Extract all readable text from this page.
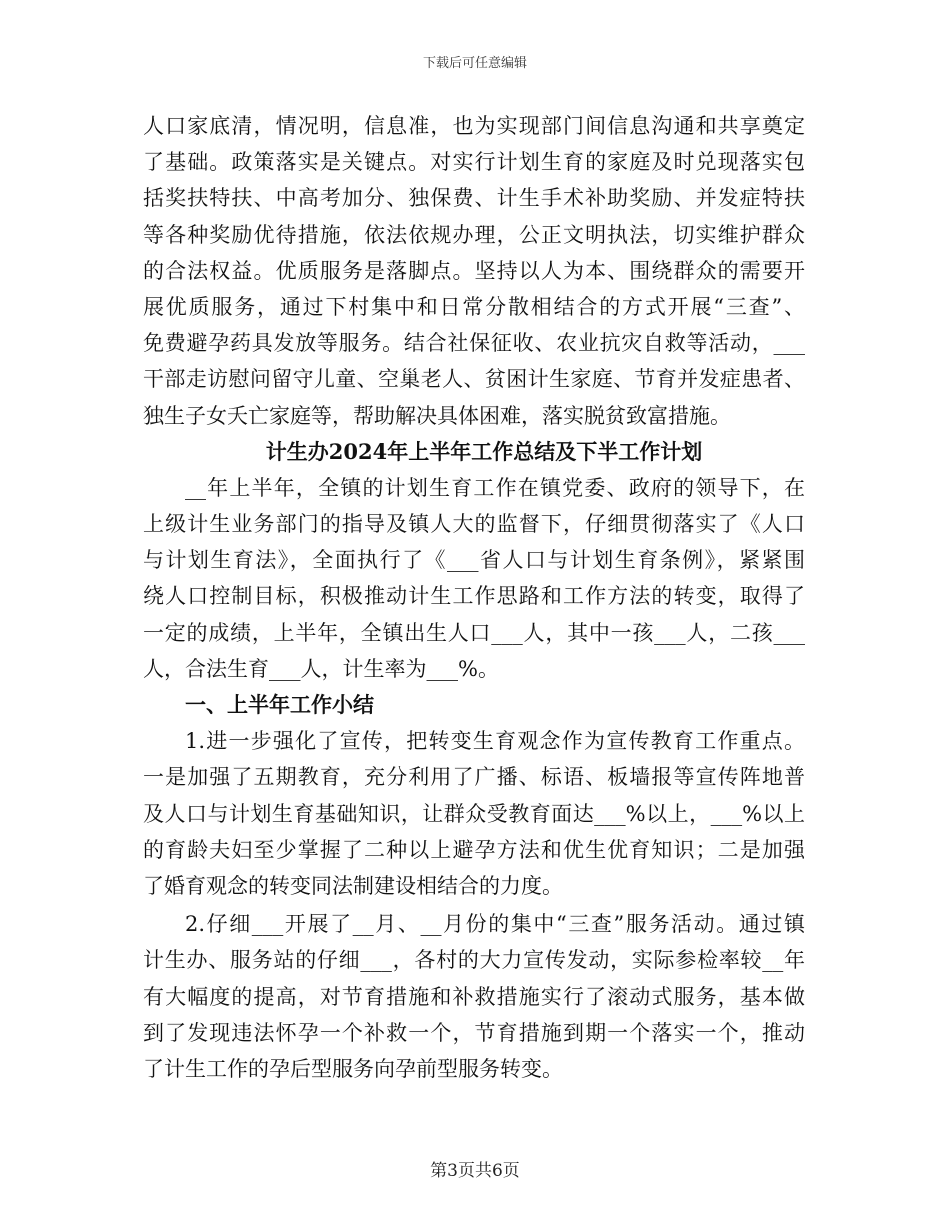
下载后可任意编辑
人口家底清，情况明，信息准，也为实现部门间信息沟通和共享奠定
了基础。政策落实是关键点。对实行计划生育的家庭及时兑现落实包
括奖扶特扶、中高考加分、独保费、计生手术补助奖励、并发症特扶
等各种奖励优待措施，依法依规办理，公正文明执法，切实维护群众
的合法权益。优质服务是落脚点。坚持以人为本、围绕群众的需要开
展优质服务，通过下村集中和日常分散相结合的方式开展“三查”、
免费避孕药具发放等服务。结合社保征收、农业抗灾自救等活动，___
干部走访慰问留守儿童、空巢老人、贫困计生家庭、节育并发症患者、
独生子女夭亡家庭等，帮助解决具体困难，落实脱贫致富措施。
计生办2024年上半年工作总结及下半工作计划
__年上半年，全镇的计划生育工作在镇党委、政府的领导下，在
上级计生业务部门的指导及镇人大的监督下，仔细贯彻落实了《人口
与计划生育法》，全面执行了《___省人口与计划生育条例》，紧紧围
绕人口控制目标，积极推动计生工作思路和工作方法的转变，取得了
一定的成绩，上半年，全镇出生人口___人，其中一孩___人，二孩___
人，合法生育___人，计生率为___%。
一、上半年工作小结
1.进一步强化了宣传，把转变生育观念作为宣传教育工作重点。
一是加强了五期教育，充分利用了广播、标语、板墙报等宣传阵地普
及人口与计划生育基础知识，让群众受教育面达___%以上，___%以上
的育龄夫妇至少掌握了二种以上避孕方法和优生优育知识；二是加强
了婚育观念的转变同法制建设相结合的力度。
2.仔细___开展了__月、__月份的集中“三查”服务活动。通过镇
计生办、服务站的仔细___，各村的大力宣传发动，实际参检率较__年
有大幅度的提高，对节育措施和补救措施实行了滚动式服务，基本做
到了发现违法怀孕一个补救一个，节育措施到期一个落实一个，推动
了计生工作的孕后型服务向孕前型服务转变。
第3页共6页
